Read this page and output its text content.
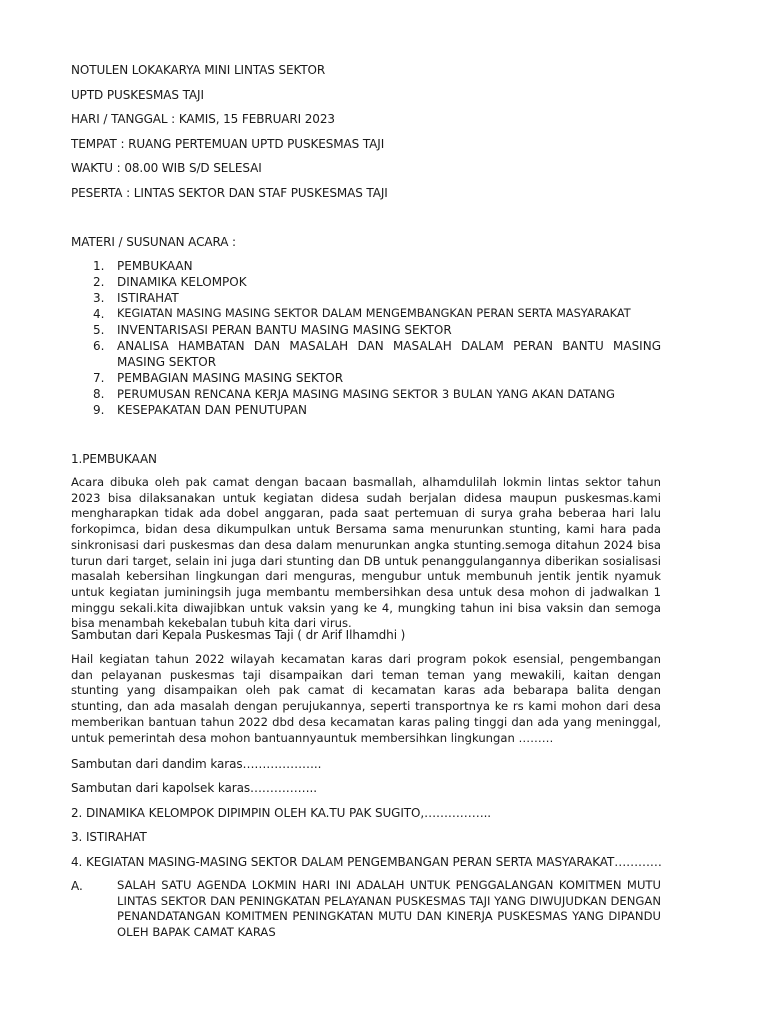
NOTULEN LOKAKARYA MINI LINTAS SEKTOR
UPTD PUSKESMAS TAJI
HARI / TANGGAL : KAMIS, 15 FEBRUARI 2023
TEMPAT : RUANG PERTEMUAN UPTD PUSKESMAS TAJI
WAKTU : 08.00 WIB S/D SELESAI
PESERTA : LINTAS SEKTOR DAN STAF PUSKESMAS TAJI
MATERI / SUSUNAN ACARA :
1.	PEMBUKAAN
2.	DINAMIKA KELOMPOK
3.	ISTIRAHAT
4.	KEGIATAN MASING MASING SEKTOR DALAM MENGEMBANGKAN PERAN SERTA MASYARAKAT
5.	INVENTARISASI PERAN BANTU MASING MASING SEKTOR
6.	ANALISA HAMBATAN DAN MASALAH DAN MASALAH DALAM PERAN BANTU MASING MASING SEKTOR
7.	PEMBAGIAN MASING MASING SEKTOR
8.	PERUMUSAN RENCANA KERJA MASING MASING SEKTOR 3 BULAN YANG AKAN DATANG
9.	KESEPAKATAN DAN PENUTUPAN
1.PEMBUKAAN

Acara dibuka oleh pak camat dengan bacaan basmallah, alhamdulilah lokmin lintas sektor tahun 2023 bisa dilaksanakan untuk kegiatan didesa sudah berjalan didesa maupun puskesmas.kami mengharapkan tidak ada dobel anggaran, pada saat pertemuan di surya graha beberaa hari lalu forkopimca, bidan desa dikumpulkan untuk Bersama sama menurunkan stunting, kami hara pada sinkronisasi dari puskesmas dan desa dalam menurunkan angka stunting.semoga ditahun 2024 bisa turun dari target, selain ini juga dari stunting dan DB untuk penanggulangannya diberikan sosialisasi masalah kebersihan lingkungan dari menguras, mengubur untuk membunuh jentik jentik nyamuk untuk kegiatan juminingsih juga membantu membersihkan desa untuk desa mohon di jadwalkan 1 minggu sekali.kita diwajibkan untuk vaksin yang ke 4, mungking tahun ini bisa vaksin dan semoga bisa menambah kekebalan tubuh kita dari virus.

Sambutan dari Kepala Puskesmas Taji ( dr Arif Ilhamdhi )

Hail kegiatan tahun 2022 wilayah kecamatan karas dari program pokok esensial, pengembangan dan pelayanan puskesmas taji disampaikan dari teman teman yang mewakili, kaitan dengan stunting yang disampaikan oleh pak camat di kecamatan karas ada bebarapa balita dengan stunting, dan ada masalah dengan perujukannya, seperti transportnya ke rs kami mohon dari desa memberikan bantuan tahun 2022 dbd desa kecamatan karas paling tinggi dan ada yang meninggal, untuk pemerintah desa mohon bantuannyauntuk membersihkan lingkungan ………

Sambutan dari dandim karas………………..
Sambutan dari kapolsek karas……………..
2. DINAMIKA KELOMPOK DIPIMPIN OLEH KA.TU PAK SUGITO,……………..
3. ISTIRAHAT
4. KEGIATAN MASING-MASING SEKTOR DALAM PENGEMBANGAN PERAN SERTA MASYARAKAT…………
A.	SALAH SATU AGENDA LOKMIN HARI INI ADALAH UNTUK PENGGALANGAN KOMITMEN MUTU LINTAS SEKTOR DAN PENINGKATAN PELAYANAN PUSKESMAS TAJI YANG DIWUJUDKAN DENGAN PENANDATANGAN KOMITMEN PENINGKATAN MUTU DAN KINERJA PUSKESMAS YANG DIPANDU OLEH BAPAK CAMAT KARAS
